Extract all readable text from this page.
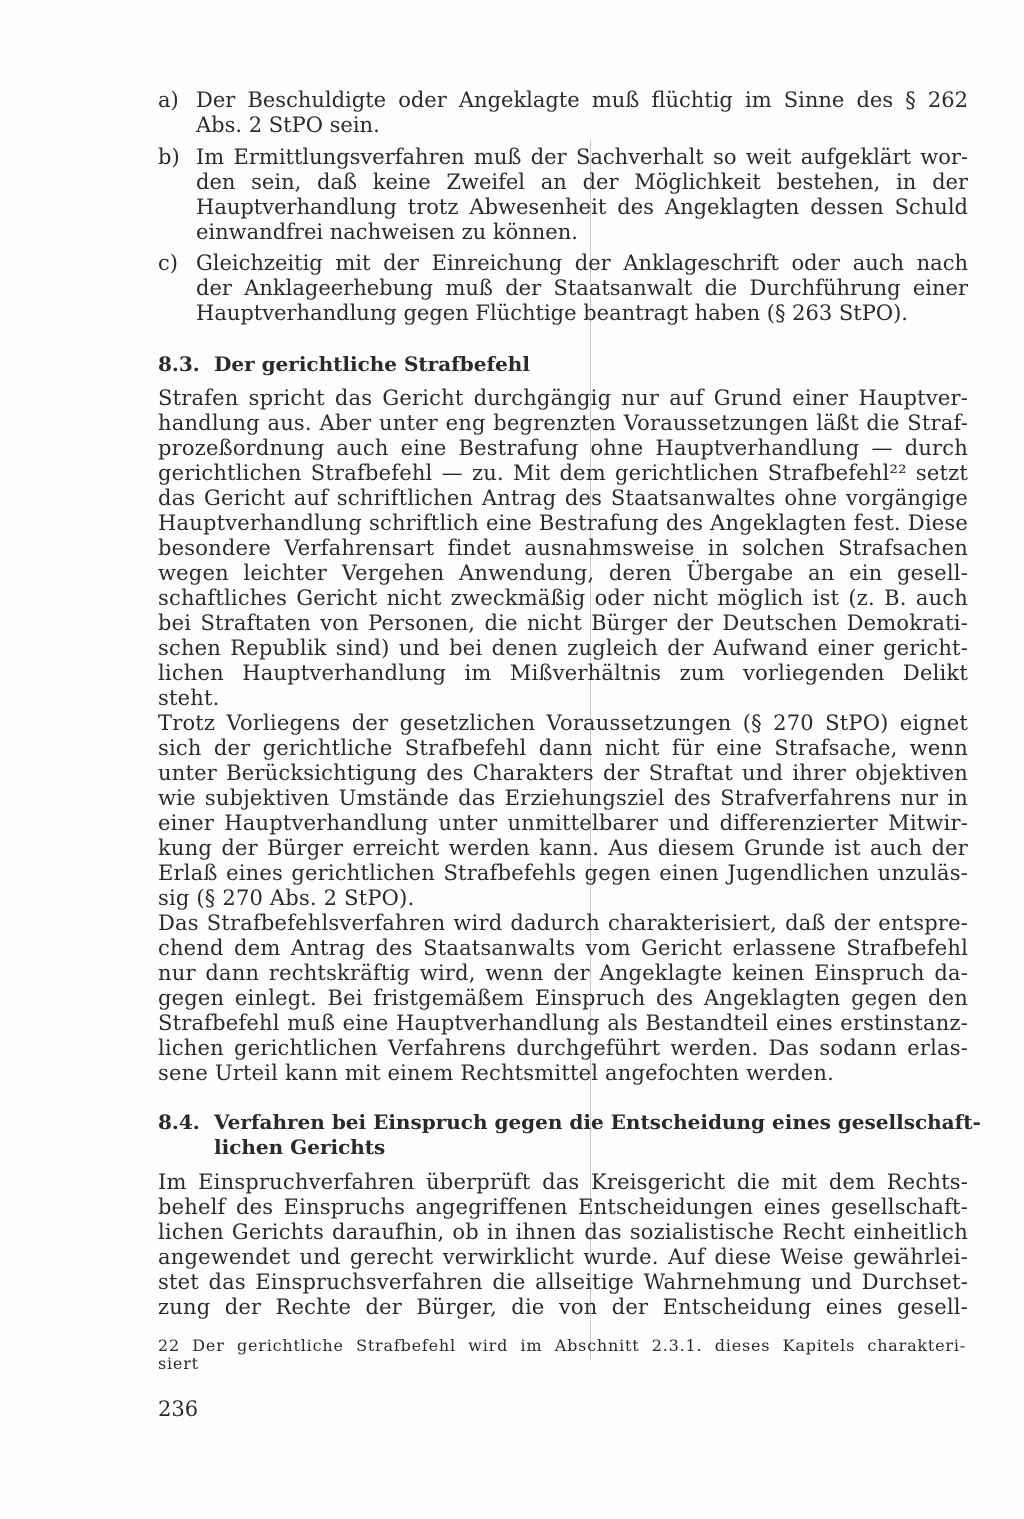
a) Der Beschuldigte oder Angeklagte muß flüchtig im Sinne des § 262
Abs. 2 StPO sein.
b) Im Ermittlungsverfahren muß der Sachverhalt so weit aufgeklärt wor-
den sein, daß keine Zweifel an der Möglichkeit bestehen, in der
Hauptverhandlung trotz Abwesenheit des Angeklagten dessen Schuld
einwandfrei nachweisen zu können.
c) Gleichzeitig mit der Einreichung der Anklageschrift oder auch nach
der Anklageerhebung muß der Staatsanwalt die Durchführung einer
Hauptverhandlung gegen Flüchtige beantragt haben (§ 263 StPO).
8.3. Der gerichtliche Strafbefehl
Strafen spricht das Gericht durchgängig nur auf Grund einer Hauptver-
handlung aus. Aber unter eng begrenzten Voraussetzungen läßt die Straf-
prozeßordnung auch eine Bestrafung ohne Hauptverhandlung — durch
gerichtlichen Strafbefehl — zu. Mit dem gerichtlichen Strafbefehl²² setzt
das Gericht auf schriftlichen Antrag des Staatsanwaltes ohne vorgängige
Hauptverhandlung schriftlich eine Bestrafung des Angeklagten fest. Diese
besondere Verfahrensart findet ausnahmsweise in solchen Strafsachen
wegen leichter Vergehen Anwendung, deren Übergabe an ein gesell-
schaftliches Gericht nicht zweckmäßig oder nicht möglich ist (z. B. auch
bei Straftaten von Personen, die nicht Bürger der Deutschen Demokrati-
schen Republik sind) und bei denen zugleich der Aufwand einer gericht-
lichen Hauptverhandlung im Mißverhältnis zum vorliegenden Delikt
steht.
Trotz Vorliegens der gesetzlichen Voraussetzungen (§ 270 StPO) eignet
sich der gerichtliche Strafbefehl dann nicht für eine Strafsache, wenn
unter Berücksichtigung des Charakters der Straftat und ihrer objektiven
wie subjektiven Umstände das Erziehungsziel des Strafverfahrens nur in
einer Hauptverhandlung unter unmittelbarer und differenzierter Mitwir-
kung der Bürger erreicht werden kann. Aus diesem Grunde ist auch der
Erlaß eines gerichtlichen Strafbefehls gegen einen Jugendlichen unzuläs-
sig (§ 270 Abs. 2 StPO).
Das Strafbefehlsverfahren wird dadurch charakterisiert, daß der entspre-
chend dem Antrag des Staatsanwalts vom Gericht erlassene Strafbefehl
nur dann rechtskräftig wird, wenn der Angeklagte keinen Einspruch da-
gegen einlegt. Bei fristgemäßem Einspruch des Angeklagten gegen den
Strafbefehl muß eine Hauptverhandlung als Bestandteil eines erstinstanz-
lichen gerichtlichen Verfahrens durchgeführt werden. Das sodann erlas-
sene Urteil kann mit einem Rechtsmittel angefochten werden.
8.4. Verfahren bei Einspruch gegen die Entscheidung eines gesellschaft-
lichen Gerichts
Im Einspruchverfahren überprüft das Kreisgericht die mit dem Rechts-
behelf des Einspruchs angegriffenen Entscheidungen eines gesellschaft-
lichen Gerichts daraufhin, ob in ihnen das sozialistische Recht einheitlich
angewendet und gerecht verwirklicht wurde. Auf diese Weise gewährlei-
stet das Einspruchsverfahren die allseitige Wahrnehmung und Durchset-
zung der Rechte der Bürger, die von der Entscheidung eines gesell-
22 Der gerichtliche Strafbefehl wird im Abschnitt 2.3.1. dieses Kapitels charakteri-
siert
236
